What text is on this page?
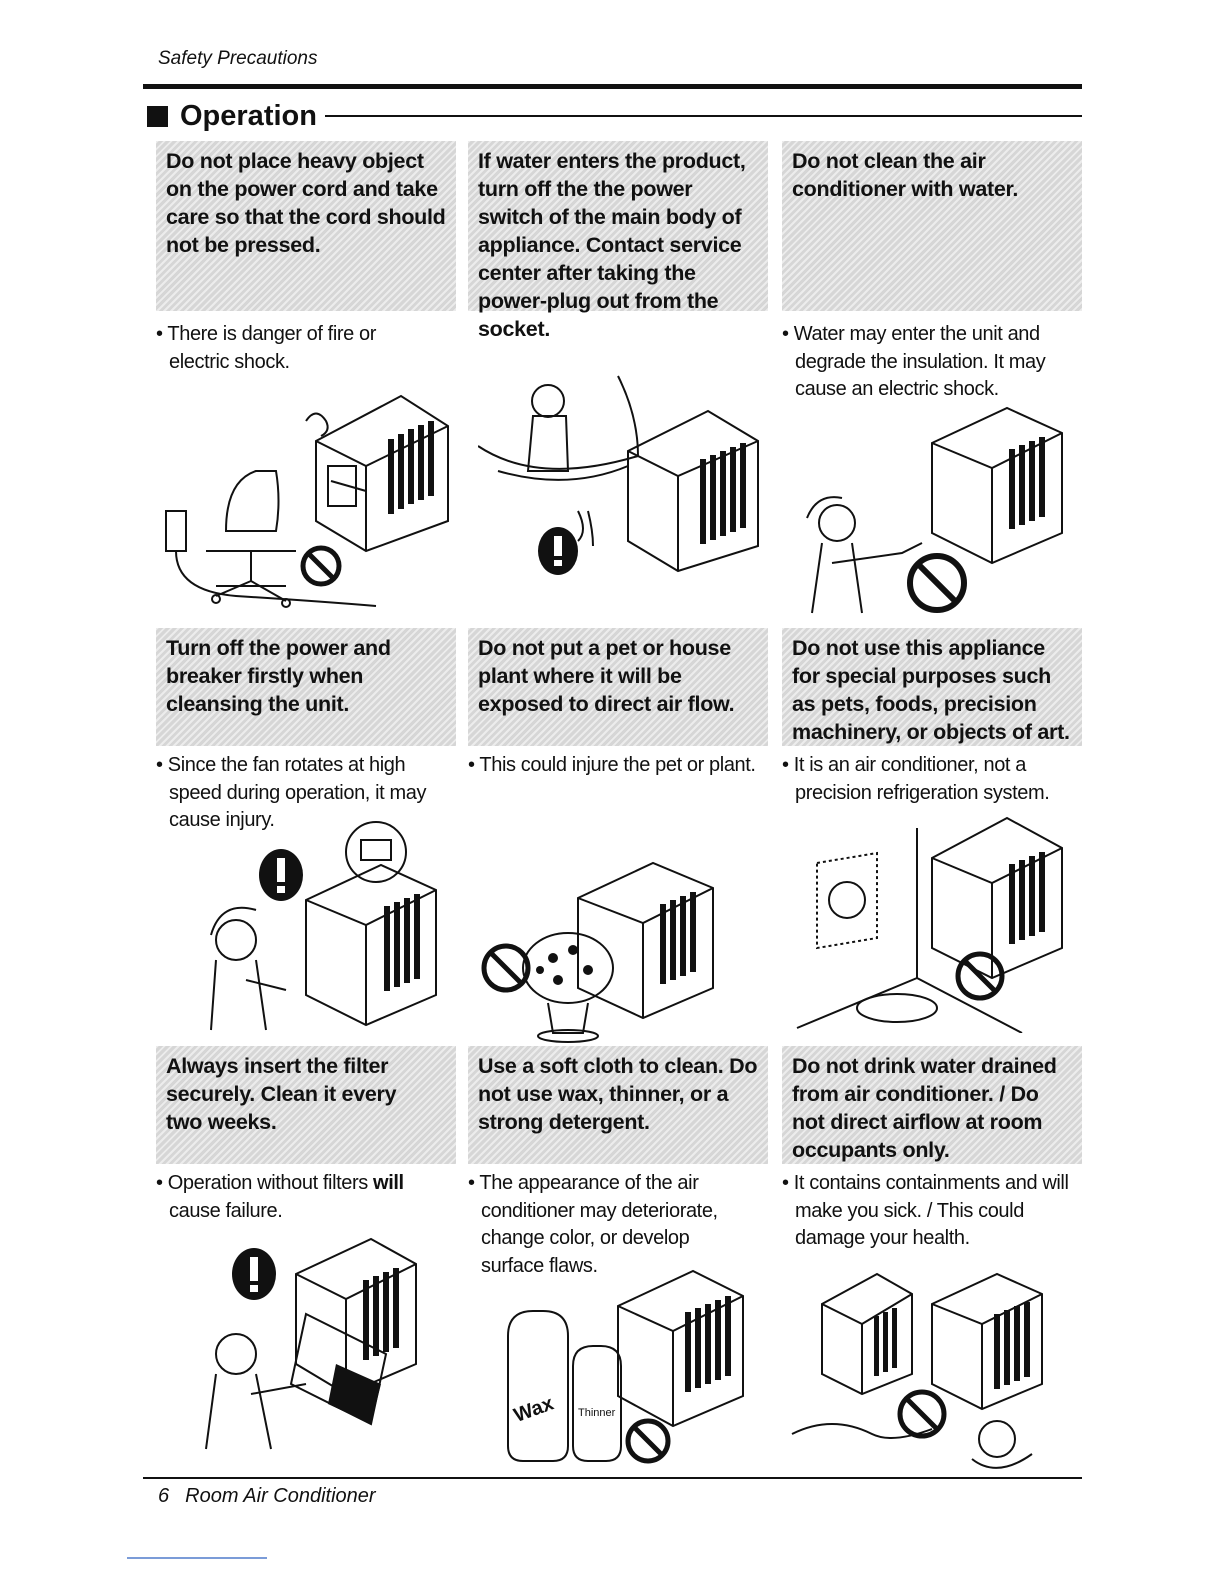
Safety Precautions
Operation
Do not place heavy object on the power cord and take care so that the cord should not be pressed.
• There is danger of fire or electric shock.
If water enters the product, turn off the the power switch of the main body of appliance. Contact service center after taking the power-plug out from the socket.
Do not clean the air conditioner with water.
• Water may enter the unit and degrade the insulation. It may cause an electric shock.
Turn off the power and breaker firstly when cleansing the unit.
• Since the fan rotates at high speed during operation, it may cause injury.
Do not put a pet or house plant where it will be exposed to direct air flow.
• This could injure the pet or plant.
Do not use this appliance for special purposes such as pets, foods, precision machinery, or objects of art.
• It is an air conditioner, not a precision refrigeration system.
Always insert the filter securely. Clean it every two weeks.
• Operation without filters will cause failure.
Use a soft cloth to clean. Do not use wax, thinner, or a strong detergent.
• The appearance of the air conditioner may deteriorate, change color, or develop surface flaws.
Wax Thinner
Do not drink water drained from air conditioner. / Do not direct airflow at room occupants only.
• It contains containments and will make you sick. / This could damage your health.
6 Room Air Conditioner
